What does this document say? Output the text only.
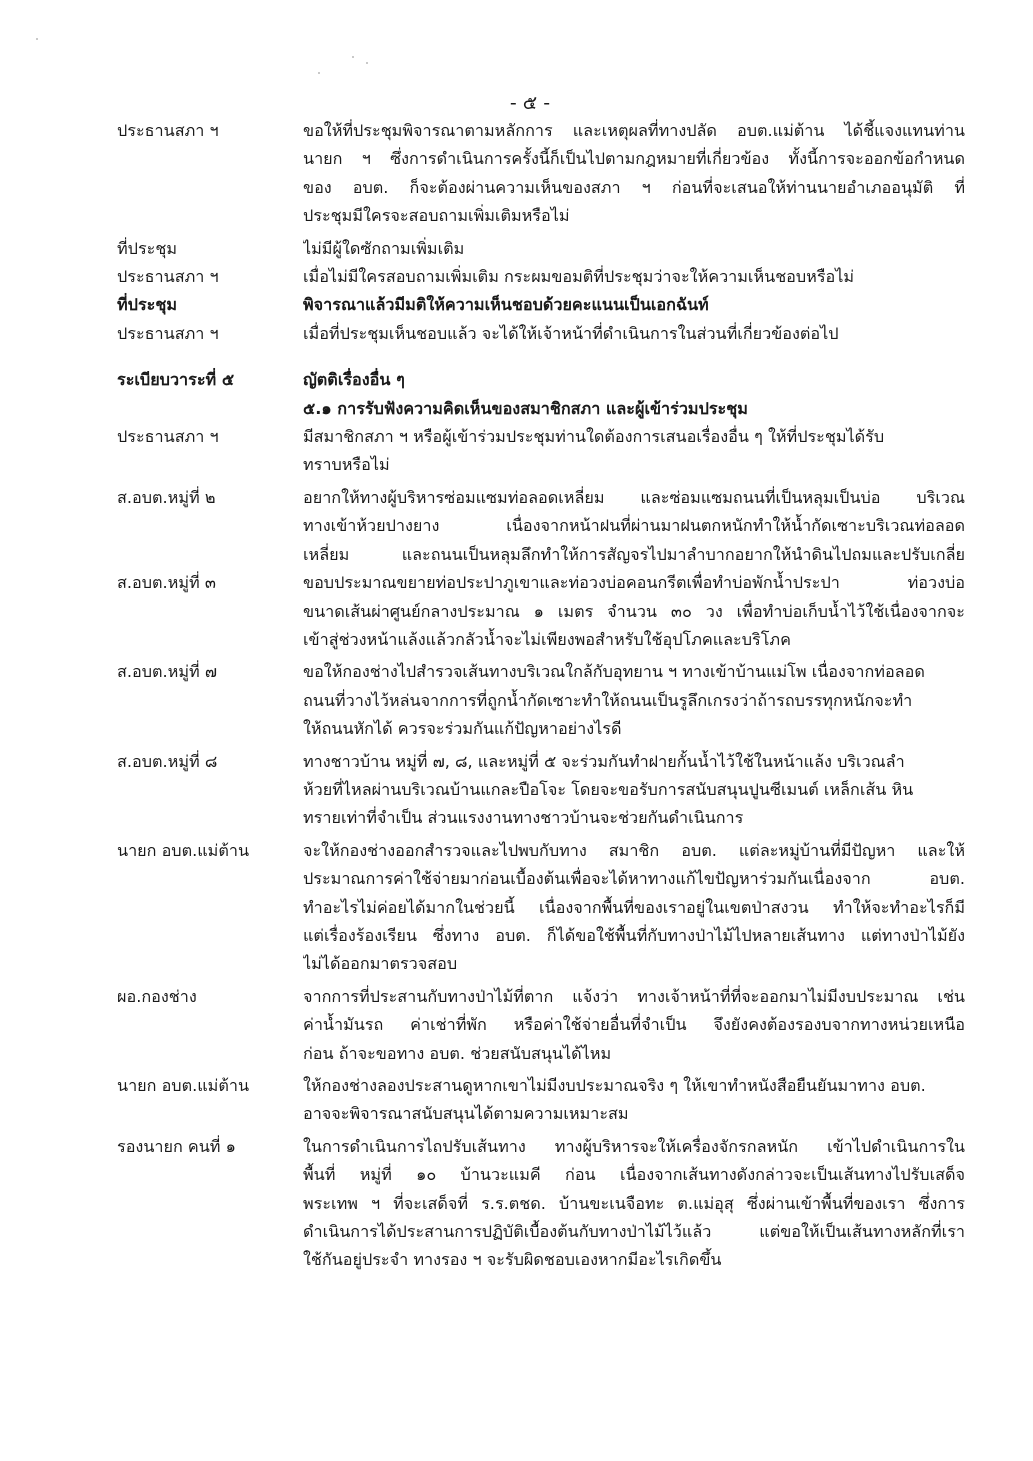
- ๕ -
ประธานสภา ฯ	ขอให้ที่ประชุมพิจารณาตามหลักการ และเหตุผลที่ทางปลัด อบต.แม่ต้าน ได้ชี้แจงแทนท่าน
นายก ฯ ซึ่งการดำเนินการครั้งนี้ก็เป็นไปตามกฎหมายที่เกี่ยวข้อง ทั้งนี้การจะออกข้อกำหนด
ของ อบต. ก็จะต้องผ่านความเห็นของสภา ฯ ก่อนที่จะเสนอให้ท่านนายอำเภออนุมัติ ที่
ประชุมมีใครจะสอบถามเพิ่มเติมหรือไม่
ที่ประชุม	ไม่มีผู้ใดซักถามเพิ่มเติม
ประธานสภา ฯ	เมื่อไม่มีใครสอบถามเพิ่มเติม กระผมขอมติที่ประชุมว่าจะให้ความเห็นชอบหรือไม่
ที่ประชุม	พิจารณาแล้วมีมติให้ความเห็นชอบด้วยคะแนนเป็นเอกฉันท์
ประธานสภา ฯ	เมื่อที่ประชุมเห็นชอบแล้ว จะได้ให้เจ้าหน้าที่ดำเนินการในส่วนที่เกี่ยวข้องต่อไป
ระเบียบวาระที่ ๕	ญัตติเรื่องอื่น ๆ
๕.๑ การรับฟังความคิดเห็นของสมาชิกสภา และผู้เข้าร่วมประชุม
ประธานสภา ฯ	มีสมาชิกสภา ฯ หรือผู้เข้าร่วมประชุมท่านใดต้องการเสนอเรื่องอื่น ๆ ให้ที่ประชุมได้รับ
ทราบหรือไม่
ส.อบต.หมู่ที่ ๒	อยากให้ทางผู้บริหารซ่อมแซมท่อลอดเหลี่ยม และซ่อมแซมถนนที่เป็นหลุมเป็นบ่อ บริเวณ
ทางเข้าห้วยปางยาง เนื่องจากหน้าฝนที่ผ่านมาฝนตกหนักทำให้น้ำกัดเซาะบริเวณท่อลอด
เหลี่ยม และถนนเป็นหลุมลึกทำให้การสัญจรไปมาลำบากอยากให้นำดินไปถมและปรับเกลี่ย
ส.อบต.หมู่ที่ ๓	ขอบประมาณขยายท่อประปาภูเขาและท่อวงบ่อคอนกรีตเพื่อทำบ่อพักน้ำประปา ท่อวงบ่อ
ขนาดเส้นผ่าศูนย์กลางประมาณ ๑ เมตร จำนวน ๓๐ วง เพื่อทำบ่อเก็บน้ำไว้ใช้เนื่องจากจะ
เข้าสู่ช่วงหน้าแล้งแล้วกลัวน้ำจะไม่เพียงพอสำหรับใช้อุปโภคและบริโภค
ส.อบต.หมู่ที่ ๗	ขอให้กองช่างไปสำรวจเส้นทางบริเวณใกล้กับอุทยาน ฯ ทางเข้าบ้านแม่โพ เนื่องจากท่อลอด
ถนนที่วางไว้หล่นจากการที่ถูกน้ำกัดเซาะทำให้ถนนเป็นรูลึกเกรงว่าถ้ารถบรรทุกหนักจะทำ
ให้ถนนหักได้ ควรจะร่วมกันแก้ปัญหาอย่างไรดี
ส.อบต.หมู่ที่ ๘	ทางชาวบ้าน หมู่ที่ ๗, ๘, และหมู่ที่ ๕ จะร่วมกันทำฝายกั้นน้ำไว้ใช้ในหน้าแล้ง บริเวณลำ
ห้วยที่ไหลผ่านบริเวณบ้านแกละปือโจะ โดยจะขอรับการสนับสนุนปูนซีเมนต์ เหล็กเส้น หิน
ทรายเท่าที่จำเป็น ส่วนแรงงานทางชาวบ้านจะช่วยกันดำเนินการ
นายก อบต.แม่ต้าน	จะให้กองช่างออกสำรวจและไปพบกับทาง สมาชิก อบต. แต่ละหมู่บ้านที่มีปัญหา และให้
ประมาณการค่าใช้จ่ายมาก่อนเบื้องต้นเพื่อจะได้หาทางแก้ไขปัญหาร่วมกันเนื่องจาก อบต.
ทำอะไรไม่ค่อยได้มากในช่วยนี้ เนื่องจากพื้นที่ของเราอยู่ในเขตป่าสงวน ทำให้จะทำอะไรก็มี
แต่เรื่องร้องเรียน ซึ่งทาง อบต. ก็ได้ขอใช้พื้นที่กับทางป่าไม้ไปหลายเส้นทาง แต่ทางป่าไม้ยัง
ไม่ได้ออกมาตรวจสอบ
ผอ.กองช่าง	จากการที่ประสานกับทางป่าไม้ที่ตาก แจ้งว่า ทางเจ้าหน้าที่ที่จะออกมาไม่มีงบประมาณ เช่น
ค่าน้ำมันรถ ค่าเช่าที่พัก หรือค่าใช้จ่ายอื่นที่จำเป็น จึงยังคงต้องรองบจากทางหน่วยเหนือ
ก่อน ถ้าจะขอทาง อบต. ช่วยสนับสนุนได้ไหม
นายก อบต.แม่ต้าน	ให้กองช่างลองประสานดูหากเขาไม่มีงบประมาณจริง ๆ ให้เขาทำหนังสือยืนยันมาทาง อบต.
อาจจะพิจารณาสนับสนุนได้ตามความเหมาะสม
รองนายก คนที่ ๑	ในการดำเนินการไถปรับเส้นทาง ทางผู้บริหารจะให้เครื่องจักรกลหนัก เข้าไปดำเนินการใน
พื้นที่ หมู่ที่ ๑๐ บ้านวะแมคี ก่อน เนื่องจากเส้นทางดังกล่าวจะเป็นเส้นทางไปรับเสด็จ
พระเทพ ฯ ที่จะเสด็จที่ ร.ร.ตชด. บ้านขะเนจือทะ ต.แม่อุสุ ซึ่งผ่านเข้าพื้นที่ของเรา ซึ่งการ
ดำเนินการได้ประสานการปฏิบัติเบื้องต้นกับทางป่าไม้ไว้แล้ว แต่ขอให้เป็นเส้นทางหลักที่เรา
ใช้กันอยู่ประจำ ทางรอง ฯ จะรับผิดชอบเองหากมีอะไรเกิดขึ้น
